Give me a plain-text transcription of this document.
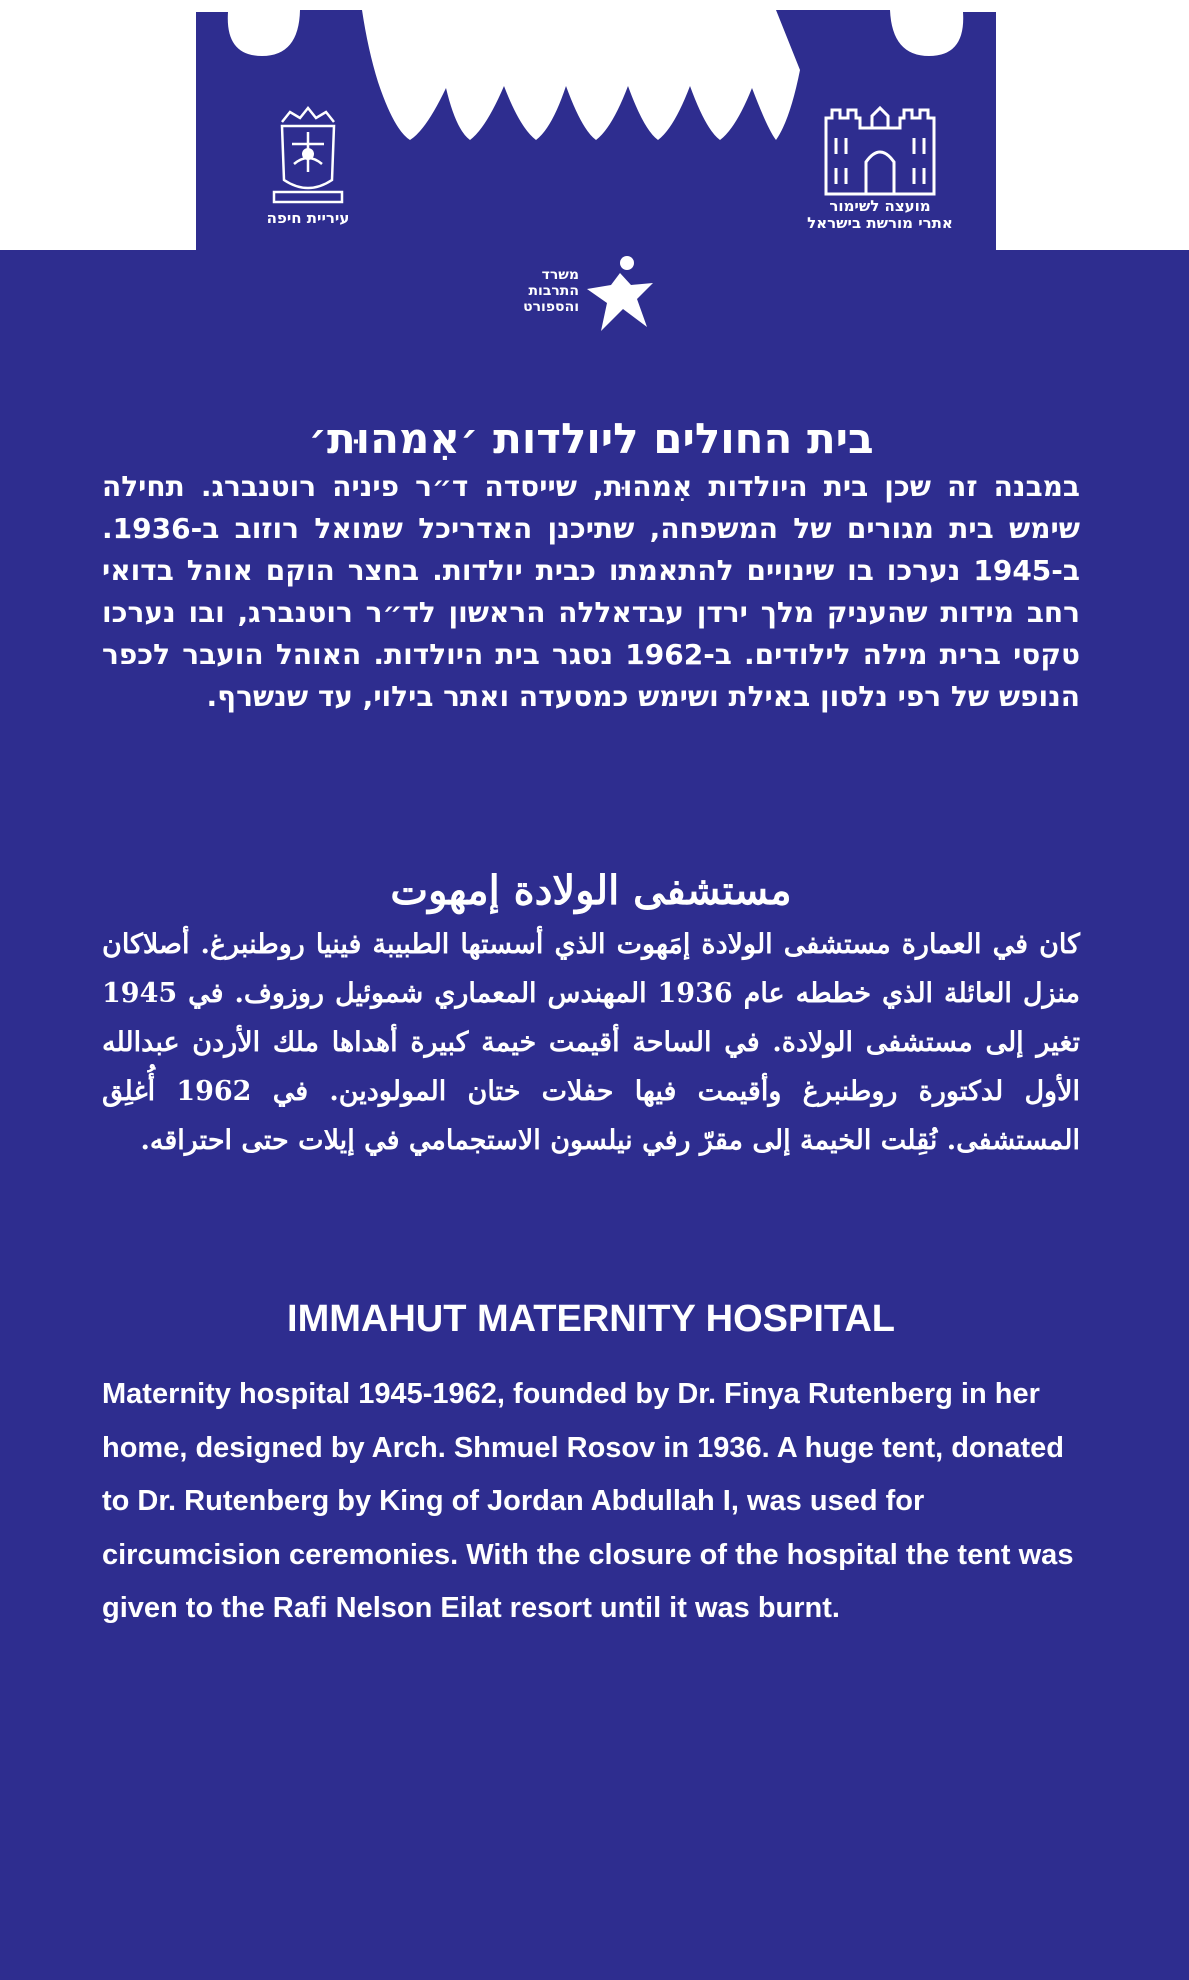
עיריית חיפה
מועצה לשימור
אתרי מורשת בישראל
משרד
התרבות
והספורט
בית החולים ליולדות ׳אִמהוּת׳

במבנה זה שכן בית היולדות אִמהוּת, שייסדה ד״ר פיניה רוטנברג. תחילה שימש בית מגורים של המשפחה, שתיכנן האדריכל שמואל רוזוב ב-1936. ב-1945 נערכו בו שינויים להתאמתו כבית יולדות. בחצר הוקם אוהל בדואי רחב מידות שהעניק מלך ירדן עבדאללה הראשון לד״ר רוטנברג, ובו נערכו טקסי ברית מילה לילודים. ב-1962 נסגר בית היולדות. האוהל הועבר לכפר הנופש של רפי נלסון באילת ושימש כמסעדה ואתר בילוי, עד שנשרף.

مستشفى الولادة إمهوت

كان في العمارة مستشفى الولادة إمَهوت الذي أسستها الطبيبة فينيا روطنبرغ. أصلاكان منزل العائلة الذي خططه عام 1936 المهندس المعماري شموئيل روزوف. في 1945 تغير إلى مستشفى الولادة. في الساحة أقيمت خيمة كبيرة أهداها ملك الأردن عبدالله الأول لدكتورة روطنبرغ وأقيمت فيها حفلات ختان المولودين. في 1962 أُغلِق المستشفى. نُقِلت الخيمة إلى مقرّ رفي نيلسون الاستجمامي في إيلات حتى احتراقه.

IMMAHUT MATERNITY HOSPITAL

Maternity hospital 1945-1962, founded by Dr. Finya Rutenberg in her home, designed by Arch. Shmuel Rosov in 1936. A huge tent, donated to Dr. Rutenberg by King of Jordan Abdullah I, was used for circumcision ceremonies. With the closure of the hospital the tent was given to the Rafi Nelson Eilat resort until it was burnt.
